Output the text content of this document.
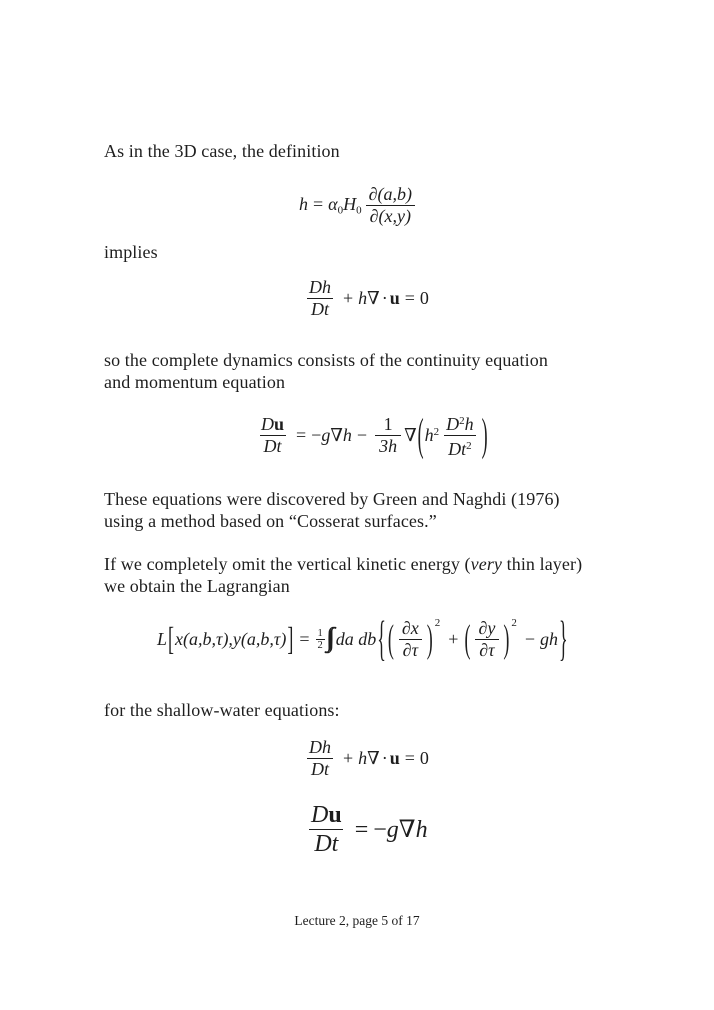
As in the 3D case, the definition

$h = \alpha 0H0 \frac{\partial(a,b)}{\partial(x,y)}$

implies

$\frac{Dh}{Dt} + h\nabla \cdot u = 0$

so the complete dynamics consists of the continuity equation
and momentum equation

$\frac{Du}{Dt} = -g\nabla h - \frac{1}{3h}$ ∇ ( $h^2 \frac{D^2h}{Dt^2}$ )

These equations were discovered by Green and Naghdi (1976)
using a method based on “Cosserat surfaces.”

If we completely omit the vertical kinetic energy (very thin layer)
we obtain the Lagrangian

L [ x(a,b,τ),y(a,b,τ) ] = $\frac{1}{2}$ da db { ( $\frac{\partial x}{\partial\tau}$ ) 2
+ ( $\frac{\partial y}{\partial\tau}$ ) 2
− gh }

for the shallow-water equations:

$\frac{Dh}{Dt} + h\nabla \cdot u = 0$
$\frac{Du}{Dt} = -g\nabla h$

Lecture 2, page 5 of 17
